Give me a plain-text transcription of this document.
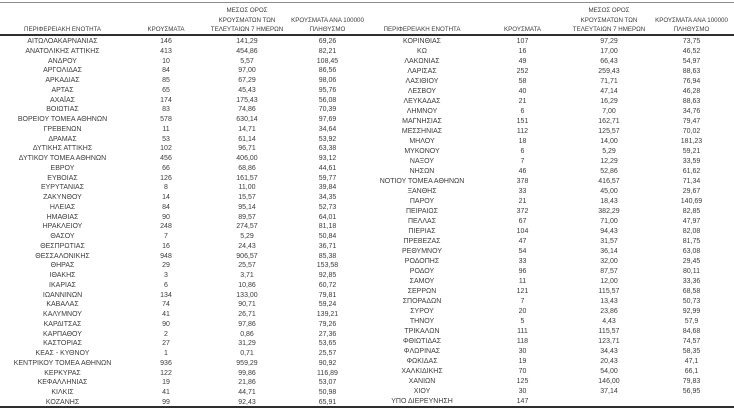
ΠΕΡΙΦΕΡΕΙΑΚΗ ΕΝΟΤΗΤΑ	ΚΡΟΥΣΜΑΤΑ

ΜΕΣΟΣ ΟΡΟΣ
ΚΡΟΥΣΜΑΤΩΝ ΤΩΝ
ΤΕΛΕΥΤΑΙΩΝ 7 ΗΜΕΡΩΝ

ΚΡΟΥΣΜΑΤΑ ΑΝΑ 100000
ΠΛΗΘΥΣΜΟ

ΑΙΤΩΛΟΑΚΑΡΝΑΝΙΑΣ	146	141,29	69,26
ΑΝΑΤΟΛΙΚΗΣ ΑΤΤΙΚΗΣ	413	454,86	82,21
ΑΝΔΡΟΥ	10	5,57	108,45
ΑΡΓΟΛΙΔΑΣ	84	97,00	86,56
ΑΡΚΑΔΙΑΣ	85	67,29	98,06
ΑΡΤΑΣ	65	45,43	95,76
ΑΧΑΪΑΣ	174	175,43	56,08
ΒΟΙΩΤΙΑΣ	83	74,86	70,39
ΒΟΡΕΙΟΥ ΤΟΜΕΑ ΑΘΗΝΩΝ	578	630,14	97,69
ΓΡΕΒΕΝΩΝ	11	14,71	34,64
ΔΡΑΜΑΣ	53	61,14	53,92
ΔΥΤΙΚΗΣ ΑΤΤΙΚΗΣ	102	96,71	63,38
ΔΥΤΙΚΟΥ ΤΟΜΕΑ ΑΘΗΝΩΝ	456	406,00	93,12
ΕΒΡΟΥ	66	68,86	44,61
ΕΥΒΟΙΑΣ	126	161,57	59,77
ΕΥΡΥΤΑΝΙΑΣ	8	11,00	39,84
ΖΑΚΥΝΘΟΥ	14	15,57	34,35
ΗΛΕΙΑΣ	84	95,14	52,73
ΗΜΑΘΙΑΣ	90	89,57	64,01
ΗΡΑΚΛΕΙΟΥ	248	274,57	81,18
ΘΑΣΟΥ	7	5,29	50,84
ΘΕΣΠΡΩΤΙΑΣ	16	24,43	36,71
ΘΕΣΣΑΛΟΝΙΚΗΣ	948	906,57	85,38
ΘΗΡΑΣ	29	25,57	153,58
ΙΘΑΚΗΣ	3	3,71	92,85
ΙΚΑΡΙΑΣ	6	10,86	60,72
ΙΩΑΝΝΙΝΩΝ	134	133,00	79,81
ΚΑΒΑΛΑΣ	74	90,71	59,24
ΚΑΛΥΜΝΟΥ	41	26,71	139,21
ΚΑΡΔΙΤΣΑΣ	90	97,86	79,26
ΚΑΡΠΑΘΟΥ	2	0,86	27,36
ΚΑΣΤΟΡΙΑΣ	27	31,29	53,65
ΚΕΑΣ - ΚΥΘΝΟΥ	1	0,71	25,57
ΚΕΝΤΡΙΚΟΥ ΤΟΜΕΑ ΑΘΗΝΩΝ	936	959,29	90,92
ΚΕΡΚΥΡΑΣ	122	99,86	116,89
ΚΕΦΑΛΛΗΝΙΑΣ	19	21,86	53,07
ΚΙΛΚΙΣ	41	44,71	50,98
ΚΟΖΑΝΗΣ	99	92,43	65,91
ΠΕΡΙΦΕΡΕΙΑΚΗ ΕΝΟΤΗΤΑ	ΚΡΟΥΣΜΑΤΑ

ΜΕΣΟΣ ΟΡΟΣ
ΚΡΟΥΣΜΑΤΩΝ ΤΩΝ
ΤΕΛΕΥΤΑΙΩΝ 7 ΗΜΕΡΩΝ

ΚΡΟΥΣΜΑΤΑ ΑΝΑ 100000
ΠΛΗΘΥΣΜΟ

ΚΟΡΙΝΘΙΑΣ	107	97,29	73,75
ΚΩ	16	17,00	46,52
ΛΑΚΩΝΙΑΣ	49	66,43	54,97
ΛΑΡΙΣΑΣ	252	259,43	88,63
ΛΑΣΙΘΙΟΥ	58	71,71	76,94
ΛΕΣΒΟΥ	40	47,14	46,28
ΛΕΥΚΑΔΑΣ	21	16,29	88,63
ΛΗΜΝΟΥ	6	7,00	34,76
ΜΑΓΝΗΣΙΑΣ	151	162,71	79,47
ΜΕΣΣΗΝΙΑΣ	112	125,57	70,02
ΜΗΛΟΥ	18	14,00	181,23
ΜΥΚΟΝΟΥ	6	5,29	59,21
ΝΑΞΟΥ	7	12,29	33,59
ΝΗΣΩΝ	46	52,86	61,62
ΝΟΤΙΟΥ ΤΟΜΕΑ ΑΘΗΝΩΝ	378	416,57	71,34
ΞΑΝΘΗΣ	33	45,00	29,67
ΠΑΡΟΥ	21	18,43	140,69
ΠΕΙΡΑΙΩΣ	372	382,29	82,85
ΠΕΛΛΑΣ	67	71,00	47,97
ΠΙΕΡΙΑΣ	104	94,43	82,08
ΠΡΕΒΕΖΑΣ	47	31,57	81,75
ΡΕΘΥΜΝΟΥ	54	36,14	63,08
ΡΟΔΟΠΗΣ	33	32,00	29,45
ΡΟΔΟΥ	96	87,57	80,11
ΣΑΜΟΥ	11	12,00	33,36
ΣΕΡΡΩΝ	121	115,57	68,58
ΣΠΟΡΑΔΩΝ	7	13,43	50,73
ΣΥΡΟΥ	20	23,86	92,99
ΤΗΝΟΥ	5	4,43	57,9
ΤΡΙΚΑΛΩΝ	111	115,57	84,68
ΦΘΙΩΤΙΔΑΣ	118	123,71	74,57
ΦΛΩΡΙΝΑΣ	30	34,43	58,35
ΦΩΚΙΔΑΣ	19	20,43	47,1
ΧΑΛΚΙΔΙΚΗΣ	70	54,00	66,1
ΧΑΝΙΩΝ	125	146,00	79,83
ΧΙΟΥ	30	37,14	56,95
ΥΠΟ ΔΙΕΡΕΥΝΗΣΗ	147		
